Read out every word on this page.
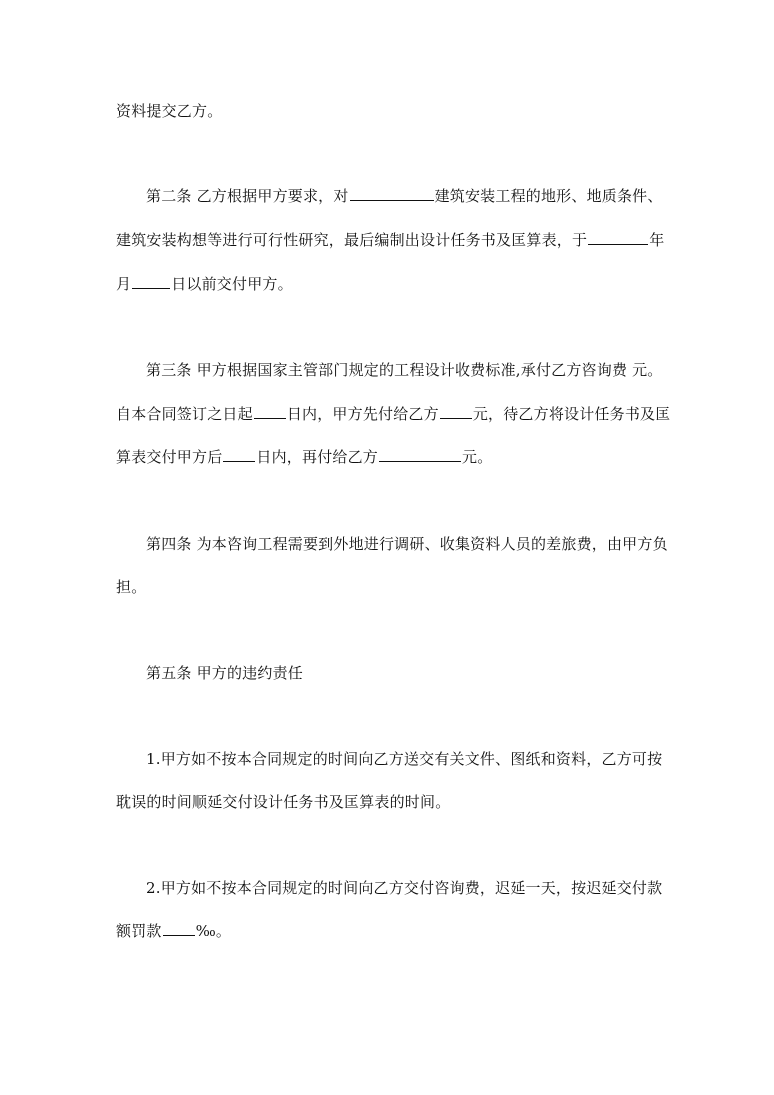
资料提交乙方。
第二条 乙方根据甲方要求，对	建筑安装工程的地形、地质条件、
建筑安装构想等进行可行性研究，最后编制出设计任务书及匡算表，于	年
月	日以前交付甲方。
第三条 甲方根据国家主管部门规定的工程设计收费标准,承付乙方咨询费 元。
自本合同签订之日起 日内，甲方先付给乙方 元，待乙方将设计任务书及匡
算表交付甲方后 日内，再付给乙方	元。
第四条 为本咨询工程需要到外地进行调研、收集资料人员的差旅费，由甲方负
担。
第五条 甲方的违约责任
1.甲方如不按本合同规定的时间向乙方送交有关文件、图纸和资料，乙方可按
耽误的时间顺延交付设计任务书及匡算表的时间。
2.甲方如不按本合同规定的时间向乙方交付咨询费，迟延一天，按迟延交付款
额罚款 ‰。
